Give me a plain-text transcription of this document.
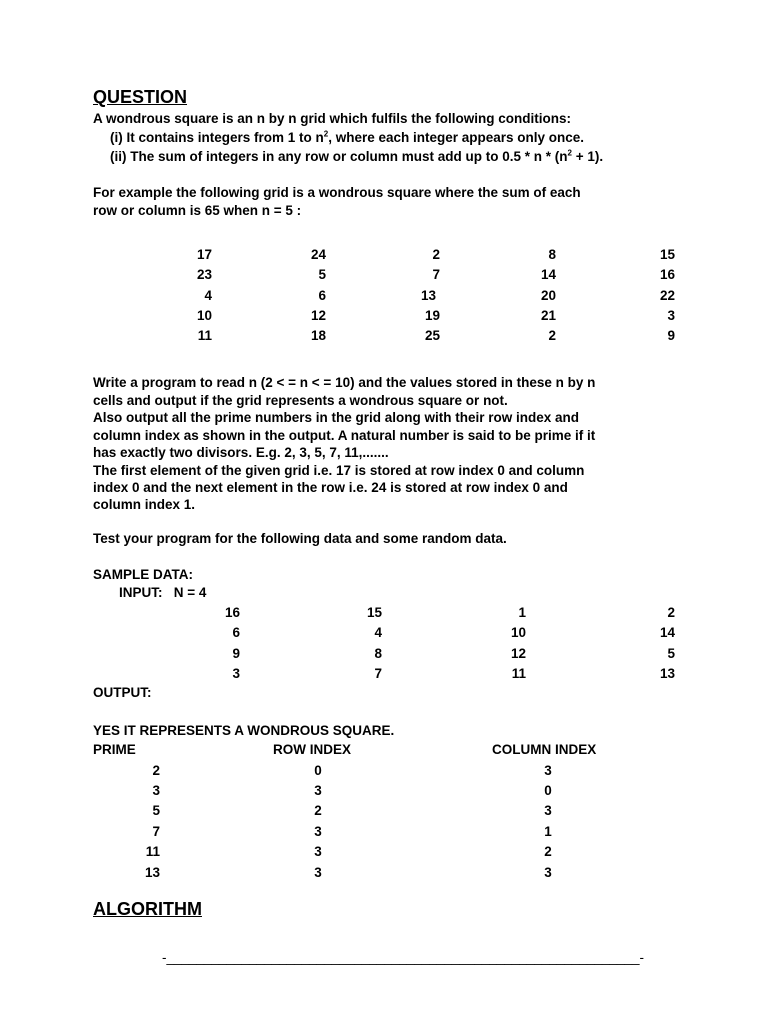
QUESTION

A wondrous square is an n by n grid which fulfils the following conditions:

(i) It contains integers from 1 to $n^2$, where each integer appears only once.

(ii) The sum of integers in any row or column must add up to $0.5 * n * (n^2 + 1)$.

For example the following grid is a wondrous square where the sum of each

row or column is 65 when n = 5 :

17	24	2	8	15
23	5	7	14	16
4	6	13	20	22
10	12	19	21	3
11	18	25	2	9

Write a program to read n (2 < = n < = 10) and the values stored in these n by n

cells and output if the grid represents a wondrous square or not.

Also output all the prime numbers in the grid along with their row index and

column index as shown in the output. A natural number is said to be prime if it

has exactly two divisors. E.g. 2, 3, 5, 7, 11,.......

The first element of the given grid i.e. 17 is stored at row index 0 and column

index 0 and the next element in the row i.e. 24 is stored at row index 0 and

column index 1.

Test your program for the following data and some random data.

SAMPLE DATA:

INPUT:   N = 4

16	15	1	2
6	4	10	14
9	8	12	5
3	7	11	13

OUTPUT:

YES IT REPRESENTS A WONDROUS SQUARE.

PRIME	ROW INDEX	COLUMN INDEX
2	0	3
3	3	0
5	2	3
7	3	1
11	3	2
13	3	3
ALGORITHM
-_______________________________________________________________-
